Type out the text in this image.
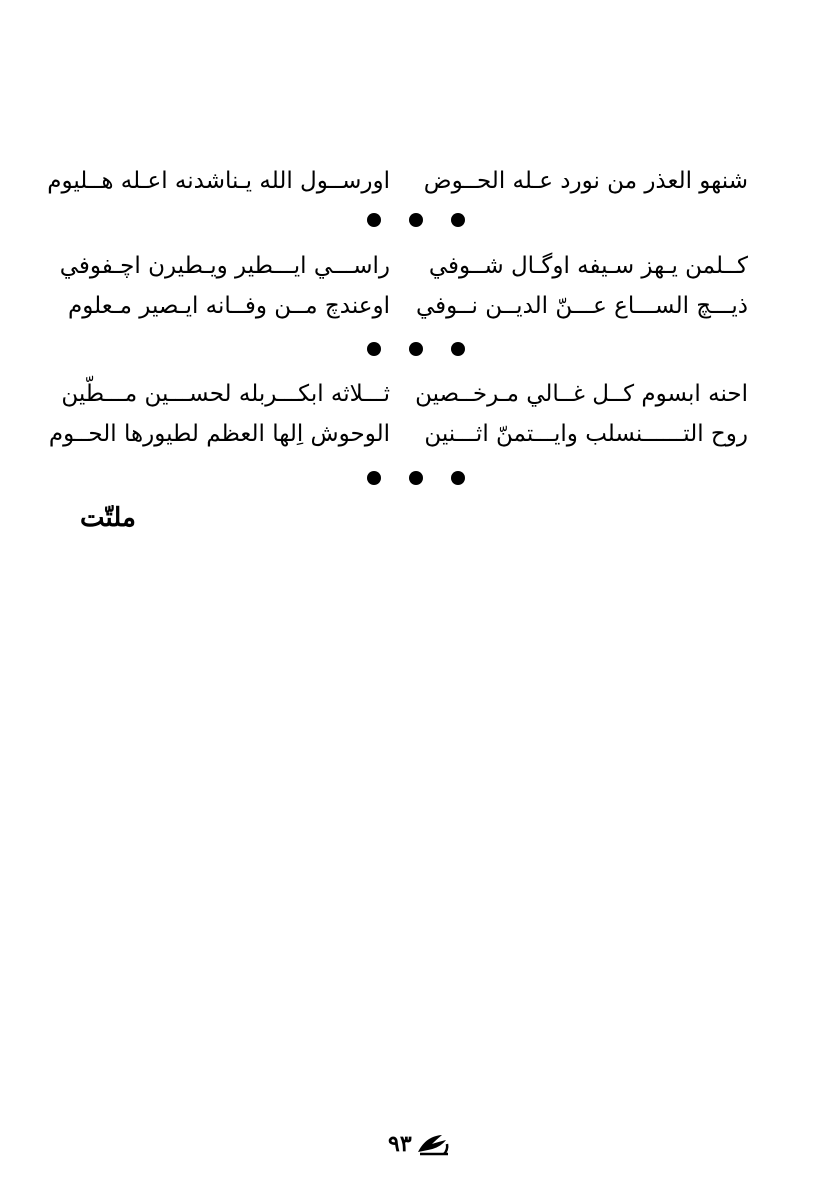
شنهو العذر من نورد عـله الحــوض
اورســول الله يـناشدنه اعـله هــليوم
كــلمن يـهز سـيفه اوگـال شــوفي
راســـي ايـــطير ويـطيرن اچـفوفي
ذيـــچ الســـاع عـــنّ الديــن نــوفي
اوعندچ مــن وفــانه ايـصير مـعلوم
احنه ابسوم كــل غــالي مـرخــصين
ثـــلاثه ابكـــربله لحســـين مـــطّين
روح التــــــنسلب وايـــتمنّ اثـــنين
الوحوش اِلها العظم لطيورها الحــوم
ملتّت
٩٣
